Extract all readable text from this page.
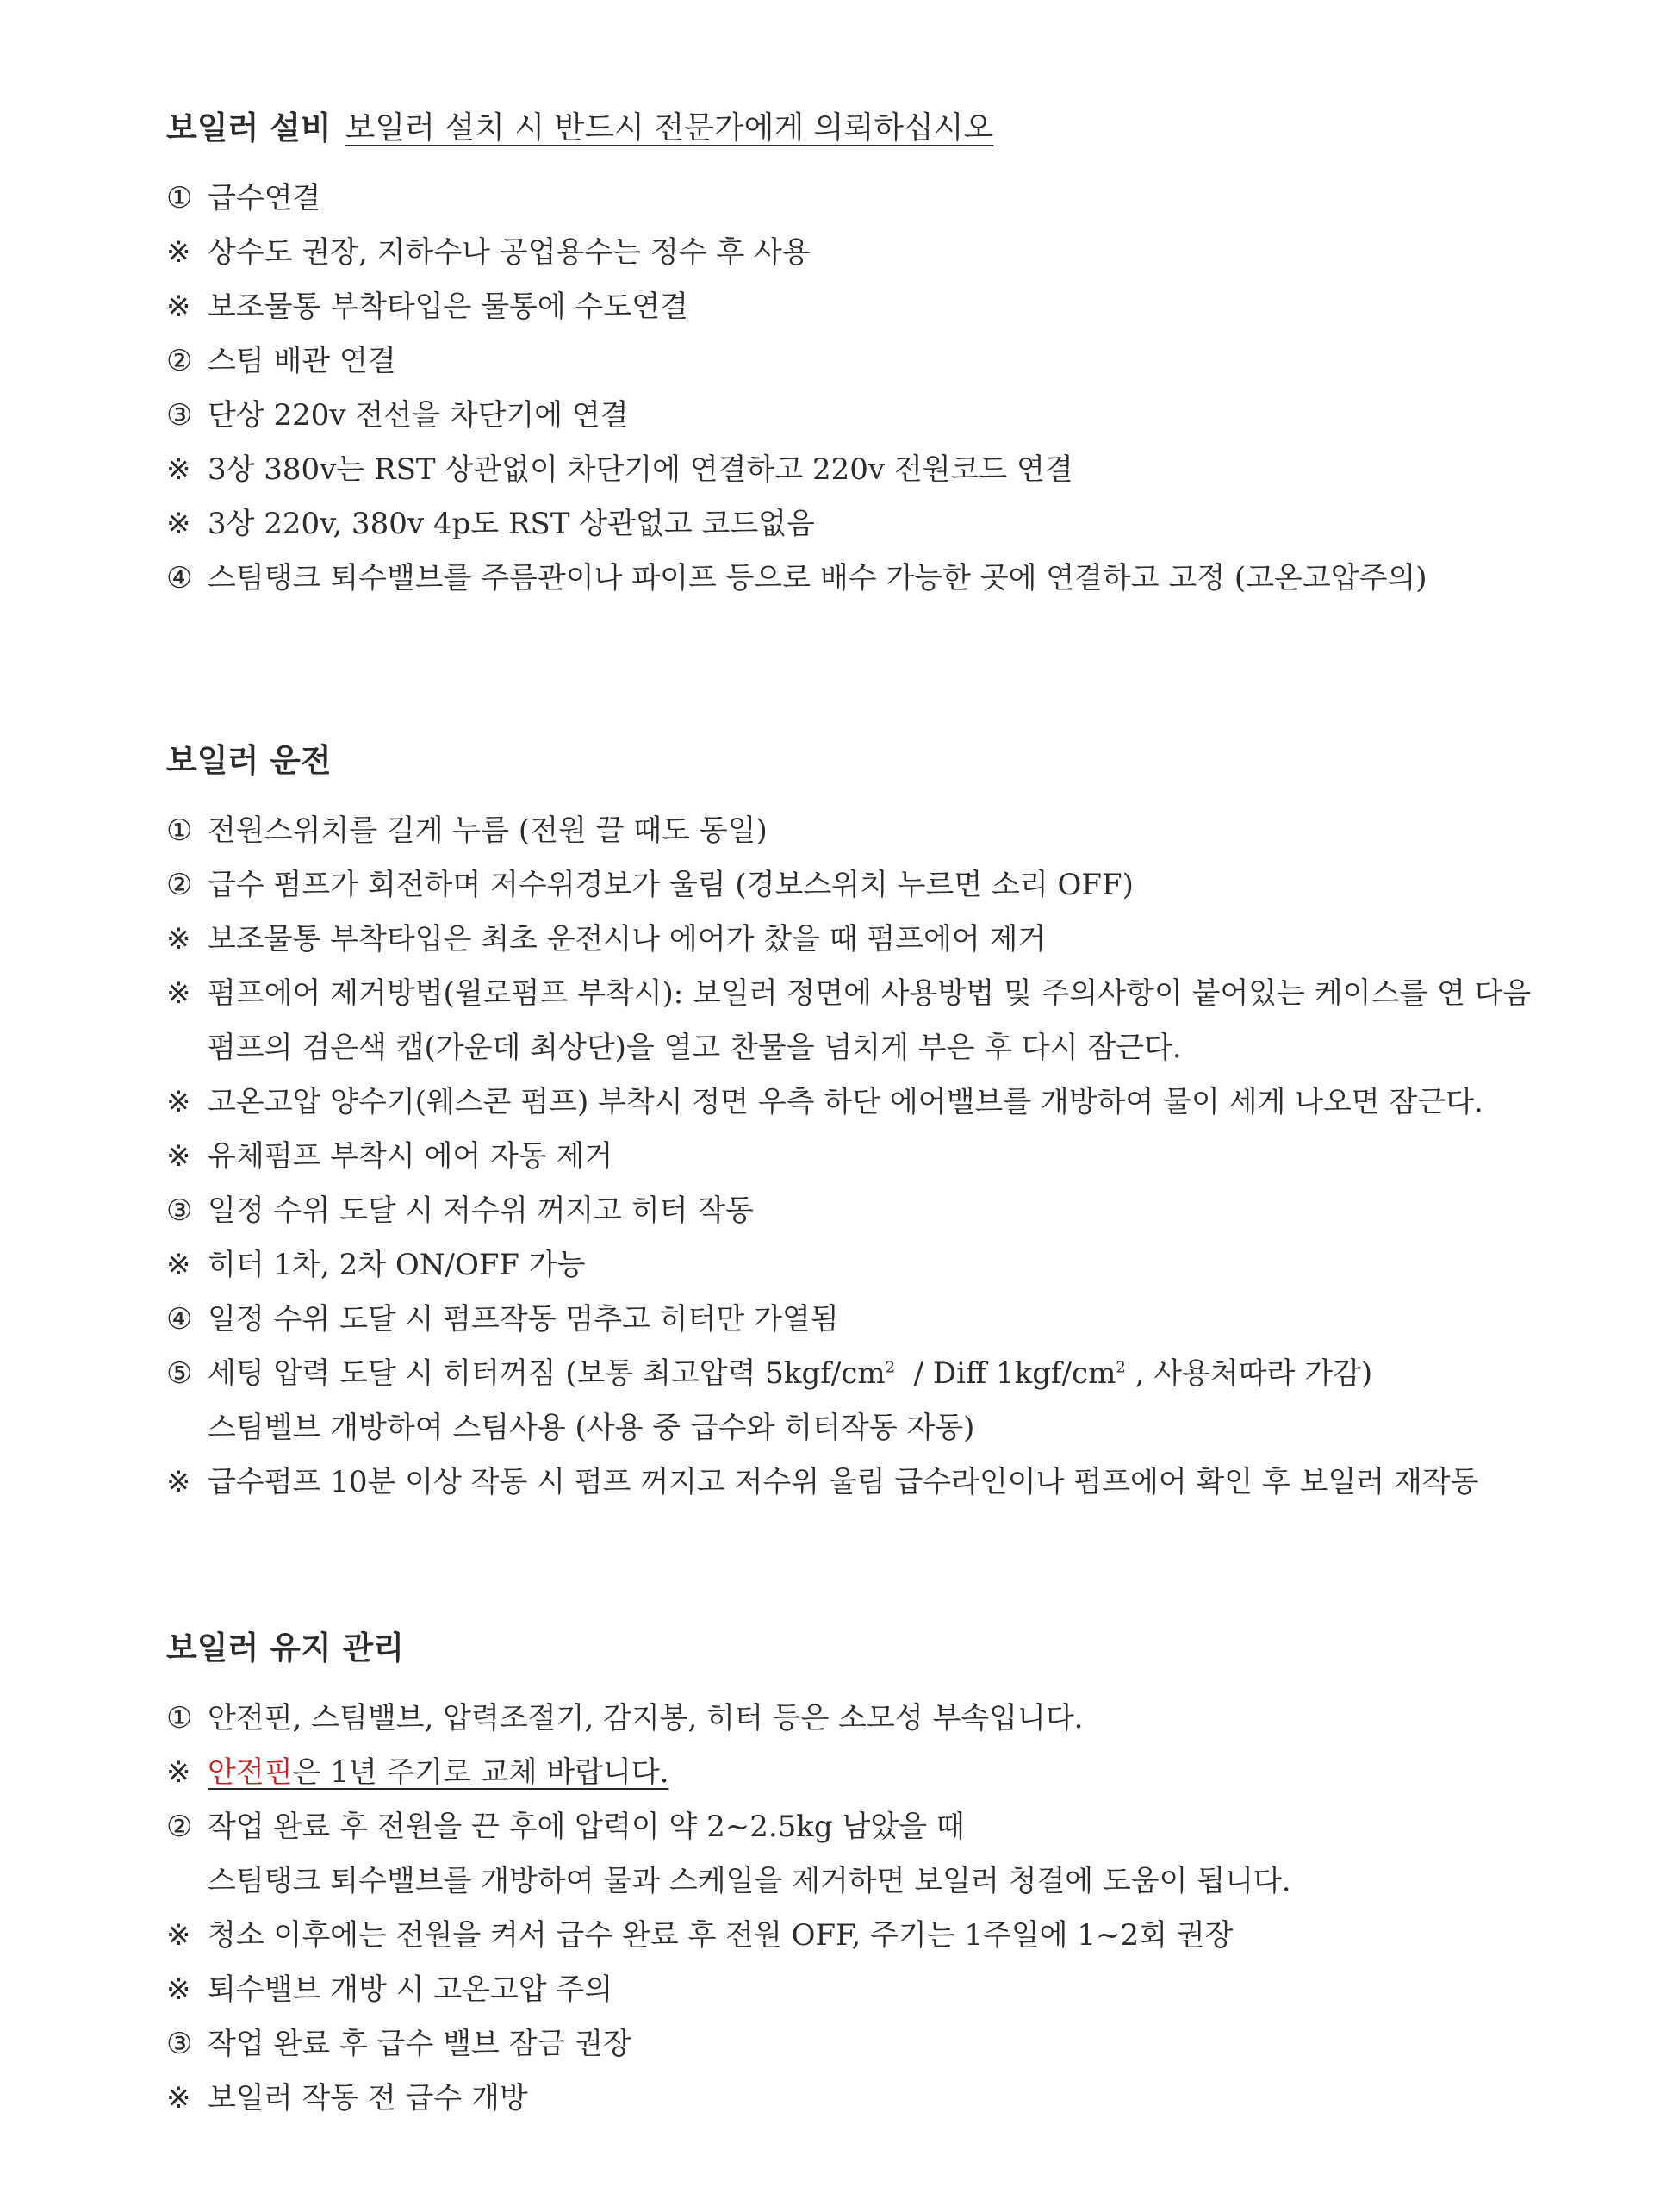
보일러 설비 보일러 설치 시 반드시 전문가에게 의뢰하십시오
① 급수연결
※ 상수도 권장, 지하수나 공업용수는 정수 후 사용
※ 보조물통 부착타입은 물통에 수도연결
② 스팀 배관 연결
③ 단상 220v 전선을 차단기에 연결
※ 3상 380v는 RST 상관없이 차단기에 연결하고 220v 전원코드 연결
※ 3상 220v, 380v 4p도 RST 상관없고 코드없음
④ 스팀탱크 퇴수밸브를 주름관이나 파이프 등으로 배수 가능한 곳에 연결하고 고정 (고온고압주의)
보일러 운전
① 전원스위치를 길게 누름 (전원 끌 때도 동일)
② 급수 펌프가 회전하며 저수위경보가 울림 (경보스위치 누르면 소리 OFF)
※ 보조물통 부착타입은 최초 운전시나 에어가 찼을 때 펌프에어 제거
※ 펌프에어 제거방법(윌로펌프 부착시): 보일러 정면에 사용방법 및 주의사항이 붙어있는 케이스를 연 다음
펌프의 검은색 캡(가운데 최상단)을 열고 찬물을 넘치게 부은 후 다시 잠근다.
※ 고온고압 양수기(웨스콘 펌프) 부착시 정면 우측 하단 에어밸브를 개방하여 물이 세게 나오면 잠근다.
※ 유체펌프 부착시 에어 자동 제거
③ 일정 수위 도달 시 저수위 꺼지고 히터 작동
※ 히터 1차, 2차 ON/OFF 가능
④ 일정 수위 도달 시 펌프작동 멈추고 히터만 가열됨
⑤ 세팅 압력 도달 시 히터꺼짐 (보통 최고압력 $5kgf/cm^2$  / Diff $1kgf/cm^2$ , 사용처따라 가감)
스팀벨브 개방하여 스팀사용 (사용 중 급수와 히터작동 자동)
※ 급수펌프 10분 이상 작동 시 펌프 꺼지고 저수위 울림 급수라인이나 펌프에어 확인 후 보일러 재작동
보일러 유지 관리
① 안전핀, 스팀밸브, 압력조절기, 감지봉, 히터 등은 소모성 부속입니다.
※ 안전핀은 1년 주기로 교체 바랍니다.
② 작업 완료 후 전원을 끈 후에 압력이 약 2~2.5kg 남았을 때
스팀탱크 퇴수밸브를 개방하여 물과 스케일을 제거하면 보일러 청결에 도움이 됩니다.
※ 청소 이후에는 전원을 켜서 급수 완료 후 전원 OFF, 주기는 1주일에 1~2회 권장
※ 퇴수밸브 개방 시 고온고압 주의
③ 작업 완료 후 급수 밸브 잠금 권장
※ 보일러 작동 전 급수 개방
